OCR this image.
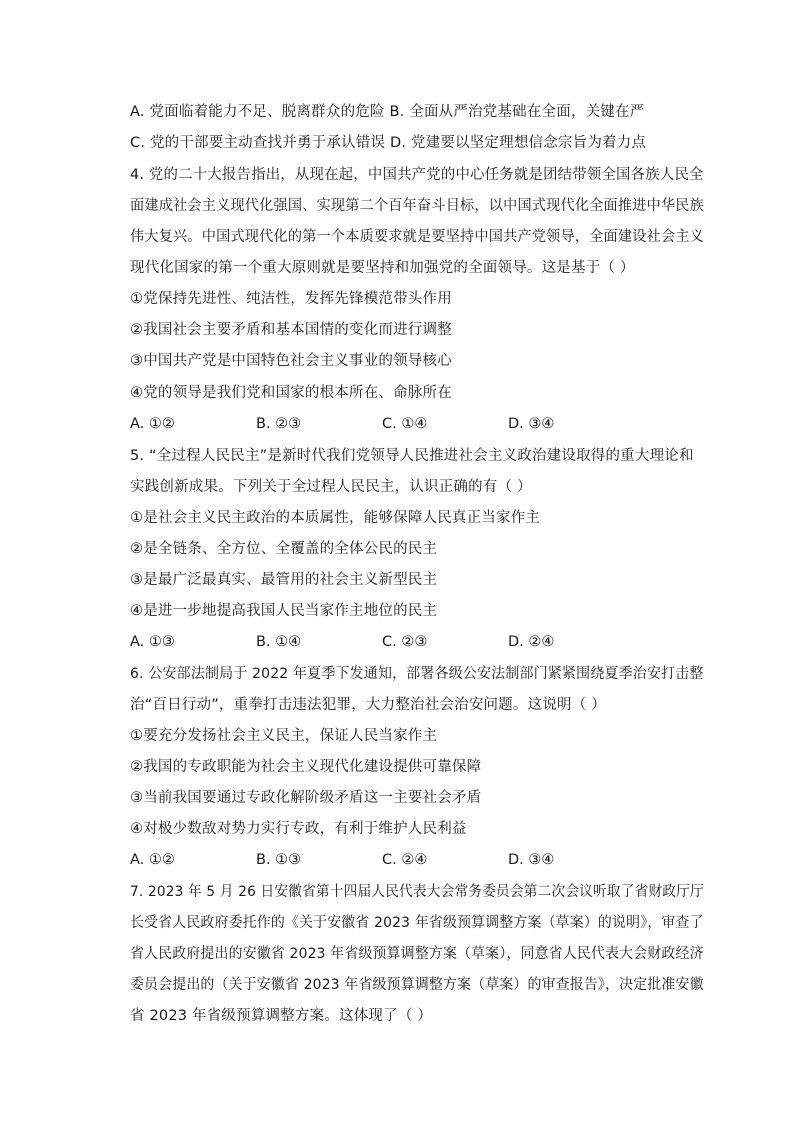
A. 党面临着能力不足、脱离群众的危险 B. 全面从严治党基础在全面，关键在严
C. 党的干部要主动查找并勇于承认错误 D. 党建要以坚定理想信念宗旨为着力点
4. 党的二十大报告指出，从现在起，中国共产党的中心任务就是团结带领全国各族人民全
面建成社会主义现代化强国、实现第二个百年奋斗目标，以中国式现代化全面推进中华民族
伟大复兴。中国式现代化的第一个本质要求就是要坚持中国共产党领导，全面建设社会主义
现代化国家的第一个重大原则就是要坚持和加强党的全面领导。这是基于（ ）
①党保持先进性、纯洁性，发挥先锋模范带头作用
②我国社会主要矛盾和基本国情的变化而进行调整
③中国共产党是中国特色社会主义事业的领导核心
④党的领导是我们党和国家的根本所在、命脉所在
A. ①②	B. ②③	C. ①④	D. ③④
5. “全过程人民民主”是新时代我们党领导人民推进社会主义政治建设取得的重大理论和
实践创新成果。下列关于全过程人民民主，认识正确的有（ ）
①是社会主义民主政治的本质属性，能够保障人民真正当家作主
②是全链条、全方位、全覆盖的全体公民的民主
③是最广泛最真实、最管用的社会主义新型民主
④是进一步地提高我国人民当家作主地位的民主
A. ①③	B. ①④	C. ②③	D. ②④
6. 公安部法制局于 2022 年夏季下发通知，部署各级公安法制部门紧紧围绕夏季治安打击整
治“百日行动”，重拳打击违法犯罪，大力整治社会治安问题。这说明（ ）
①要充分发扬社会主义民主，保证人民当家作主
②我国的专政职能为社会主义现代化建设提供可靠保障
③当前我国要通过专政化解阶级矛盾这一主要社会矛盾
④对极少数敌对势力实行专政，有利于维护人民利益
A. ①②	B. ①③	C. ②④	D. ③④
7. 2023 年 5 月 26 日安徽省第十四届人民代表大会常务委员会第二次会议听取了省财政厅厅
长受省人民政府委托作的《关于安徽省 2023 年省级预算调整方案（草案）的说明》，审查了
省人民政府提出的安徽省 2023 年省级预算调整方案（草案），同意省人民代表大会财政经济
委员会提出的（关于安徽省 2023 年省级预算调整方案（草案）的审查报告》，决定批准安徽
省 2023 年省级预算调整方案。这体现了（ ）
